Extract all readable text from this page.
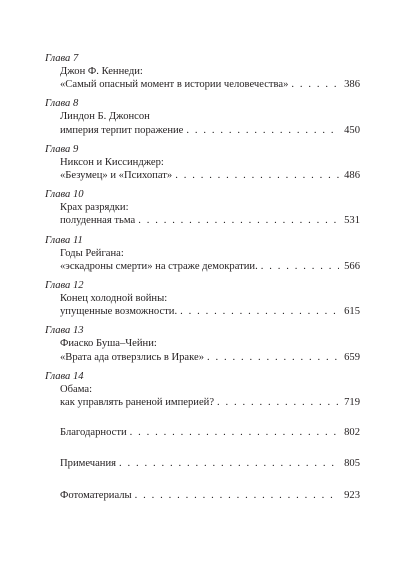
Глава 7
Джон Ф. Кеннеди:
«Самый опасный момент в истории человечества» . . .	386
Глава 8
Линдон Б. Джонсон
империя терпит поражение . . .	450
Глава 9
Никсон и Киссинджер:
«Безумец» и «Психопат» . . .	486
Глава 10
Крах разрядки:
полуденная тьма . . .	531
Глава 11
Годы Рейгана:
«эскадроны смерти» на страже демократии. . . .	566
Глава 12
Конец холодной войны:
упущенные возможности. . . .	615
Глава 13
Фиаско Буша–Чейни:
«Врата ада отверзлись в Ираке» . . .	659
Глава 14
Обама:
как управлять раненой империей? . . .	719
Благодарности . . .	802
Примечания . . .	805
Фотоматериалы . . .	923
